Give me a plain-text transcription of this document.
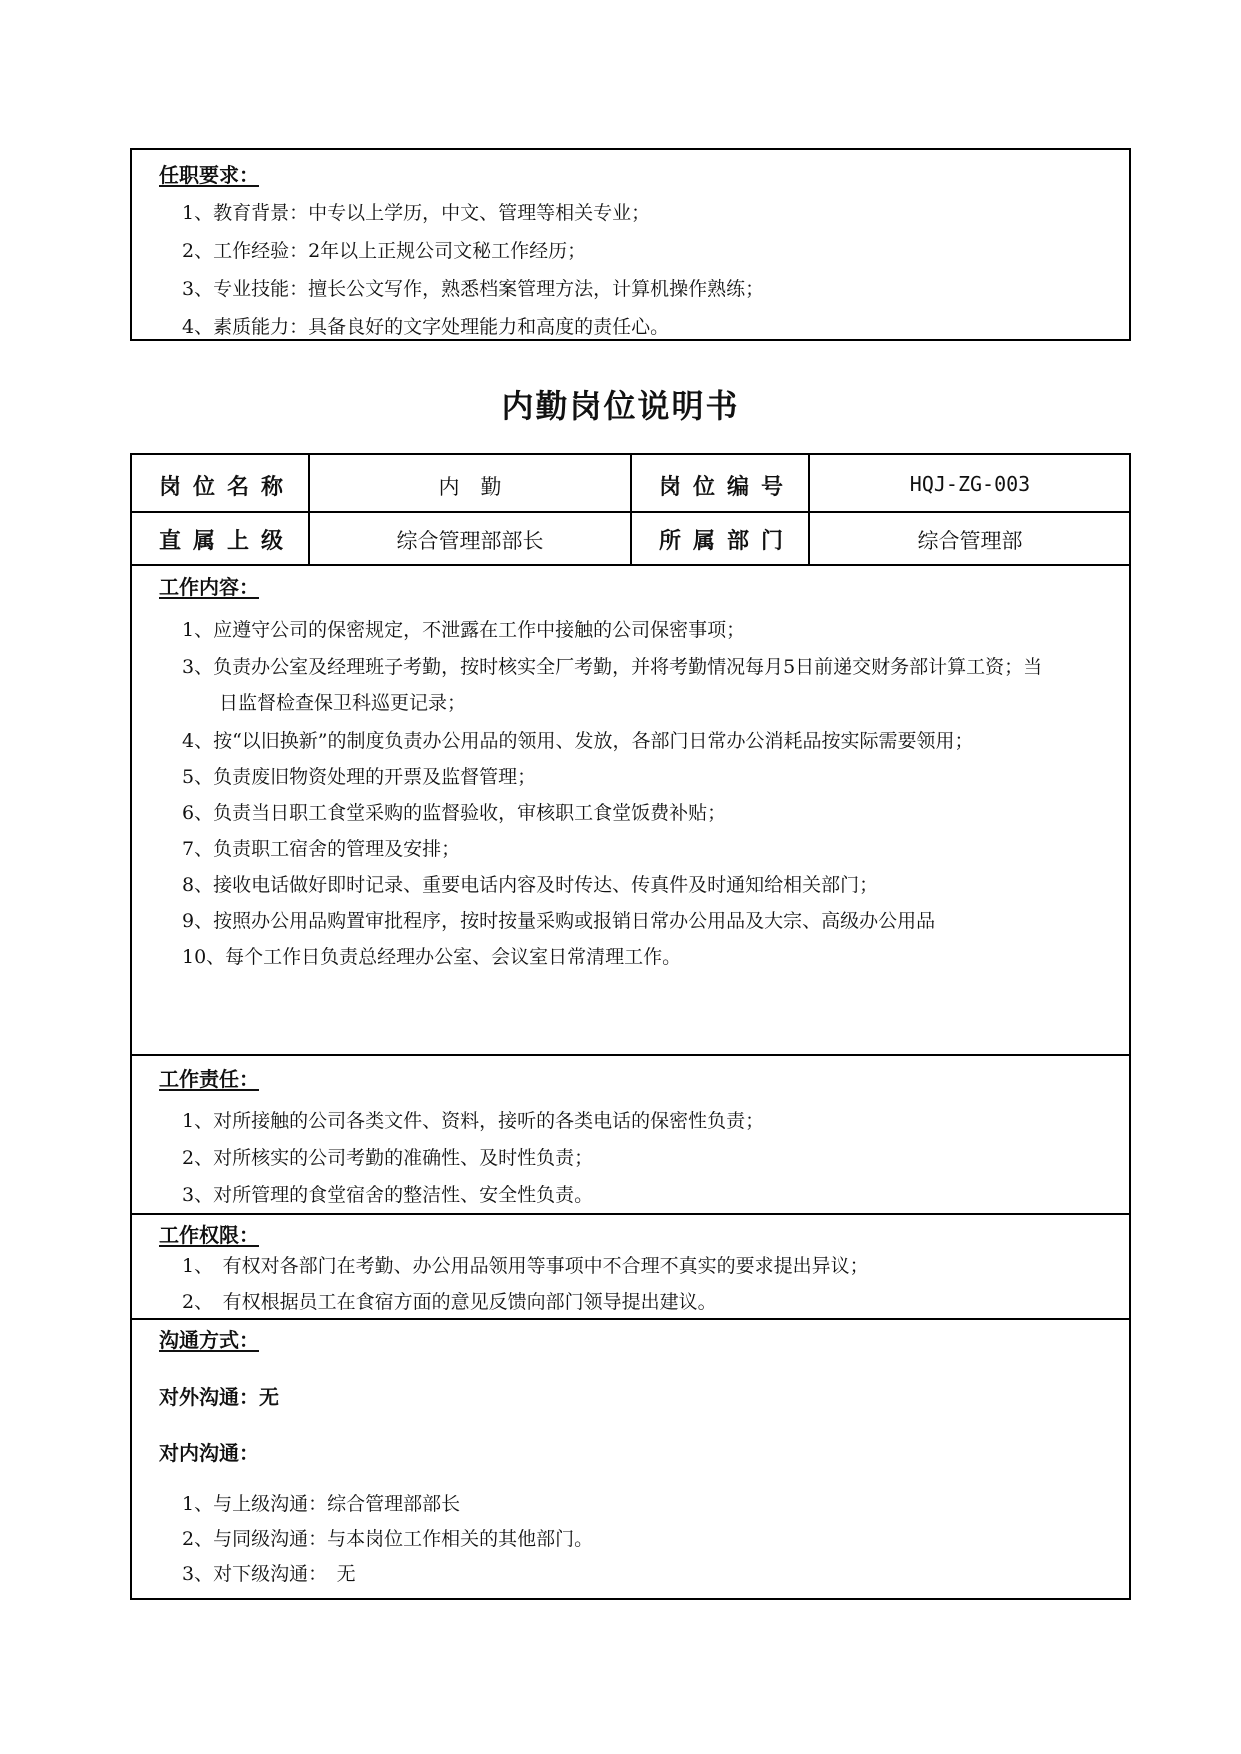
任职要求：
1、教育背景：中专以上学历，中文、管理等相关专业；
2、工作经验：2年以上正规公司文秘工作经历；
3、专业技能：擅长公文写作，熟悉档案管理方法，计算机操作熟练；
4、素质能力：具备良好的文字处理能力和高度的责任心。
内勤岗位说明书
岗位名称	内　勤	岗位编号	HQJ-ZG-003
直属上级	综合管理部部长	所属部门	综合管理部
工作内容：
1、应遵守公司的保密规定，不泄露在工作中接触的公司保密事项；
3、负责办公室及经理班子考勤，按时核实全厂考勤，并将考勤情况每月5日前递交财务部计算工资；当
日监督检查保卫科巡更记录；
4、按“以旧换新”的制度负责办公用品的领用、发放，各部门日常办公消耗品按实际需要领用；
5、负责废旧物资处理的开票及监督管理；
6、负责当日职工食堂采购的监督验收，审核职工食堂饭费补贴；
7、负责职工宿舍的管理及安排；
8、接收电话做好即时记录、重要电话内容及时传达、传真件及时通知给相关部门；
9、按照办公用品购置审批程序，按时按量采购或报销日常办公用品及大宗、高级办公用品
10、每个工作日负责总经理办公室、会议室日常清理工作。
工作责任：
1、对所接触的公司各类文件、资料，接听的各类电话的保密性负责；
2、对所核实的公司考勤的准确性、及时性负责；
3、对所管理的食堂宿舍的整洁性、安全性负责。
工作权限：
1、　有权对各部门在考勤、办公用品领用等事项中不合理不真实的要求提出异议；
2、　有权根据员工在食宿方面的意见反馈向部门领导提出建议。
沟通方式：
对外沟通：无
对内沟通：
1、与上级沟通：综合管理部部长
2、与同级沟通：与本岗位工作相关的其他部门。
3、对下级沟通：　无
